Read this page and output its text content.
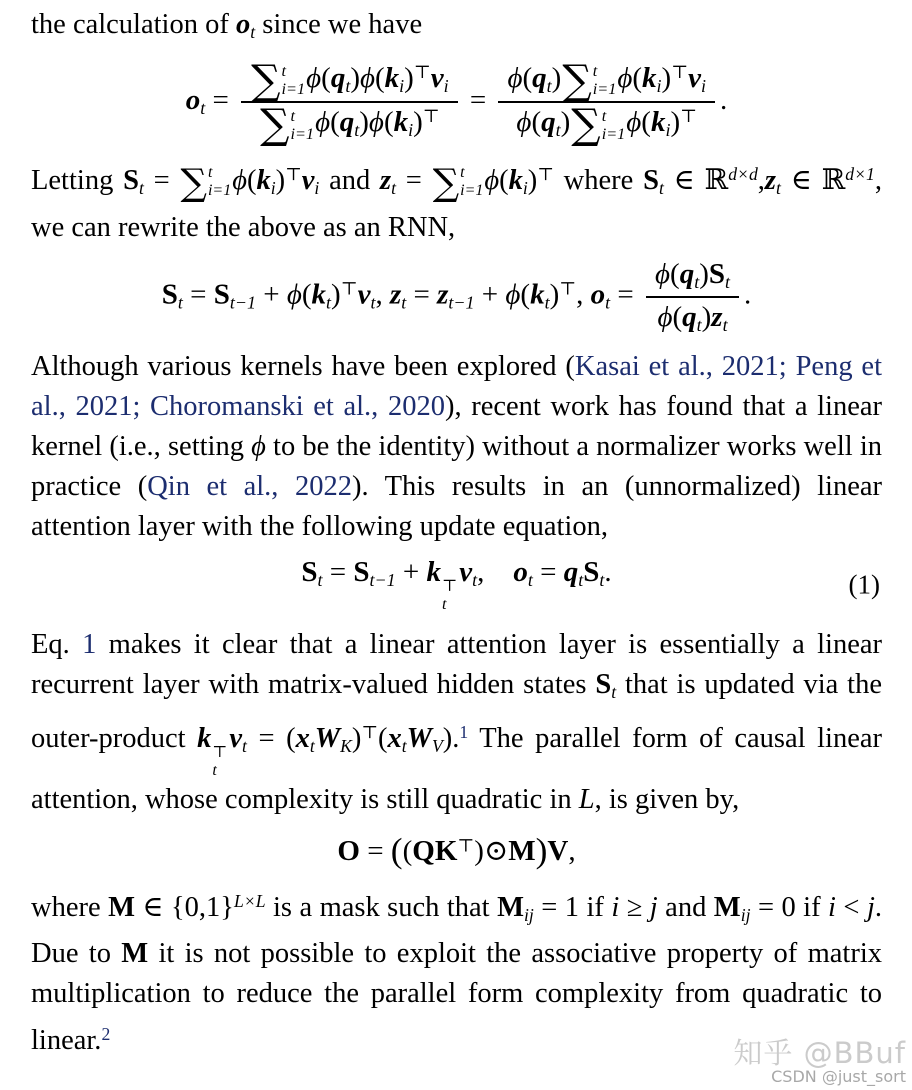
the calculation of $o_t$ since we have

$o_t$ = ∑ t
i=1 $\phi(q_t)\phi(k_i)^⊤v_i$
∑ t
i=1 $\phi(q_t)\phi(k_i)^⊤ = \phi(q_t)$ ∑ t
i=1 $\phi(k_i)^⊤v_i$
$\phi(q_t)$ ∑ t
i=1 $\phi(k_i)^⊤$ .

Letting $S_t$ = ∑ t
i=1 $\phi(k_i)^⊤v_i$ and $z_t$ = ∑ t
i=1 $\phi(k_i)^⊤$ where $S_t$ ∈ $ℝ^{d\times d},z_t$ ∈ ℝ$^{d\times 1}$, we can rewrite the above as an RNN,

$S_t = S_{t-1} + \phi(k_t)^⊤v_t$, $z_t = z_{t-1} + \phi(k_t)^⊤$, $o_t = \frac{\phi(q_t)S_t}{\phi(q_t)z_t}$ .

Although various kernels have been explored (Kasai et al., 2021; Peng et al., 2021; Choromanski et al., 2020), recent work has found that a linear kernel (i.e., setting ϕ to be the identity) without a normalizer works well in practice (Qin et al., 2022). This results in an (unnormalized) linear attention layer with the following update equation,

$S_t = S_{t-1} + k$ ⊤
t
$v_t$, $o_t = q_tS_t$.	(1)

Eq. 1 makes it clear that a linear attention layer is essentially a linear recurrent layer with matrix-valued hidden states $S_t$ that is updated via the outer-product k ⊤
t
$v_t = (x_tW_K)^⊤(x_tW_V).^1$ The parallel form of causal linear attention, whose complexity is still quadratic in L, is given by,

O = ((QK⊤)⊙M)V,

where M ∈ $\{0,1\}^{L\times L}$ is a mask such that $M_{ij} = 1$ if i ≥ j and $M_{ij} = 0$ if i < j. Due to M it is not possible to exploit the associative property of matrix multiplication to reduce the parallel form complexity from quadratic to linear.$^2$

知乎 @BBuf
CSDN @just_sort
